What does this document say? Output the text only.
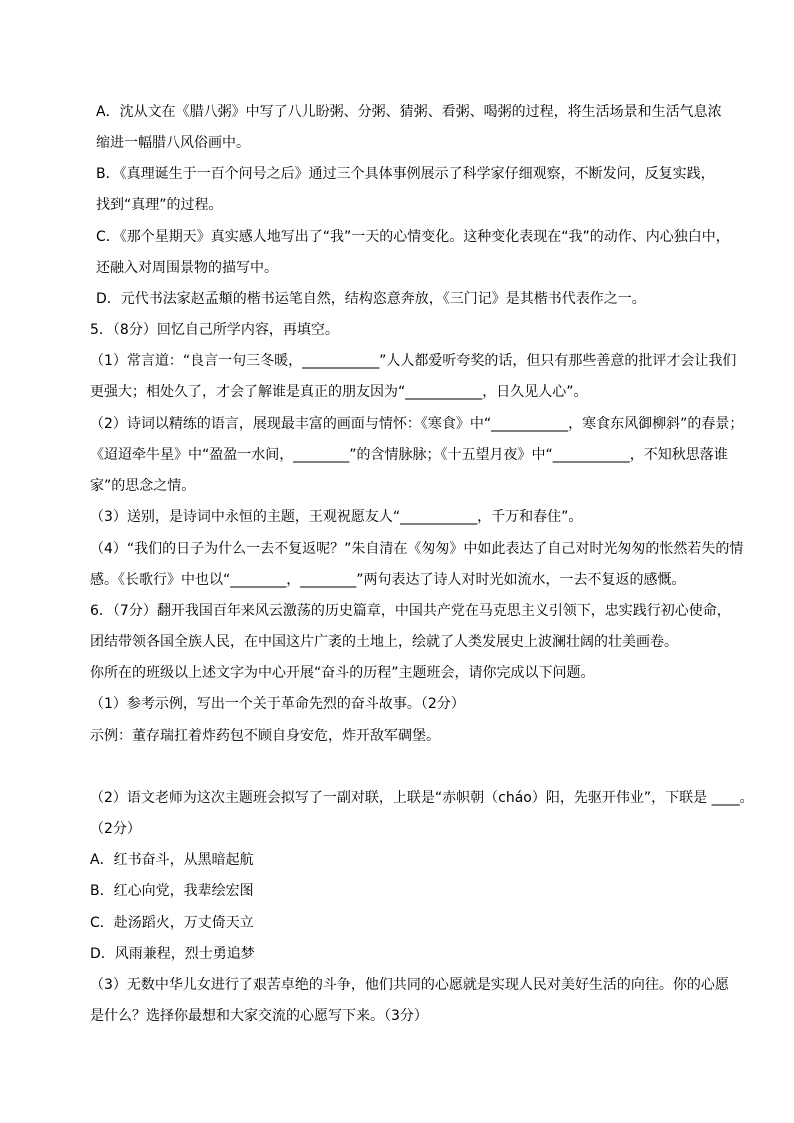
A．沈从文在《腊八粥》中写了八儿盼粥、分粥、猜粥、看粥、喝粥的过程，将生活场景和生活气息浓
缩进一幅腊八风俗画中。
B．《真理诞生于一百个问号之后》通过三个具体事例展示了科学家仔细观察，不断发问，反复实践，
找到“真理”的过程。
C．《那个星期天》真实感人地写出了“我”一天的心情变化。这种变化表现在“我”的动作、内心独白中，
还融入对周围景物的描写中。
D．元代书法家赵孟頫的楷书运笔自然，结构恣意奔放，《三门记》是其楷书代表作之一。
5．（8分）回忆自己所学内容，再填空。
（1）常言道：“良言一句三冬暖，___________”人人都爱听夸奖的话，但只有那些善意的批评才会让我们
更强大；相处久了，才会了解谁是真正的朋友因为“___________，日久见人心”。
（2）诗词以精练的语言，展现最丰富的画面与情怀：《寒食》中“___________，寒食东风御柳斜”的春景；
《迢迢牵牛星》中“盈盈一水间，________”的含情脉脉；《十五望月夜》中“___________，不知秋思落谁
家”的思念之情。
（3）送别，是诗词中永恒的主题，王观祝愿友人“___________，千万和春住”。
（4）“我们的日子为什么一去不复返呢？”朱自清在《匆匆》中如此表达了自己对时光匆匆的怅然若失的情
感。《长歌行》中也以“________，________”两句表达了诗人对时光如流水，一去不复返的感慨。
6．（7分）翻开我国百年来风云激荡的历史篇章，中国共产党在马克思主义引领下，忠实践行初心使命，
团结带领各国全族人民，在中国这片广袤的土地上，绘就了人类发展史上波澜壮阔的壮美画卷。
你所在的班级以上述文字为中心开展“奋斗的历程”主题班会，请你完成以下问题。
（1）参考示例，写出一个关于革命先烈的奋斗故事。（2分）
示例：董存瑞扛着炸药包不顾自身安危，炸开敌军碉堡。
（2）语文老师为这次主题班会拟写了一副对联，上联是“赤帜朝（cháo）阳，先驱开伟业”，下联是 ____。
（2分）
A．红书奋斗，从黑暗起航
B．红心向党，我辈绘宏图
C．赴汤蹈火，万丈倚天立
D．风雨兼程，烈士勇追梦
（3）无数中华儿女进行了艰苦卓绝的斗争，他们共同的心愿就是实现人民对美好生活的向往。你的心愿
是什么？选择你最想和大家交流的心愿写下来。（3分）
